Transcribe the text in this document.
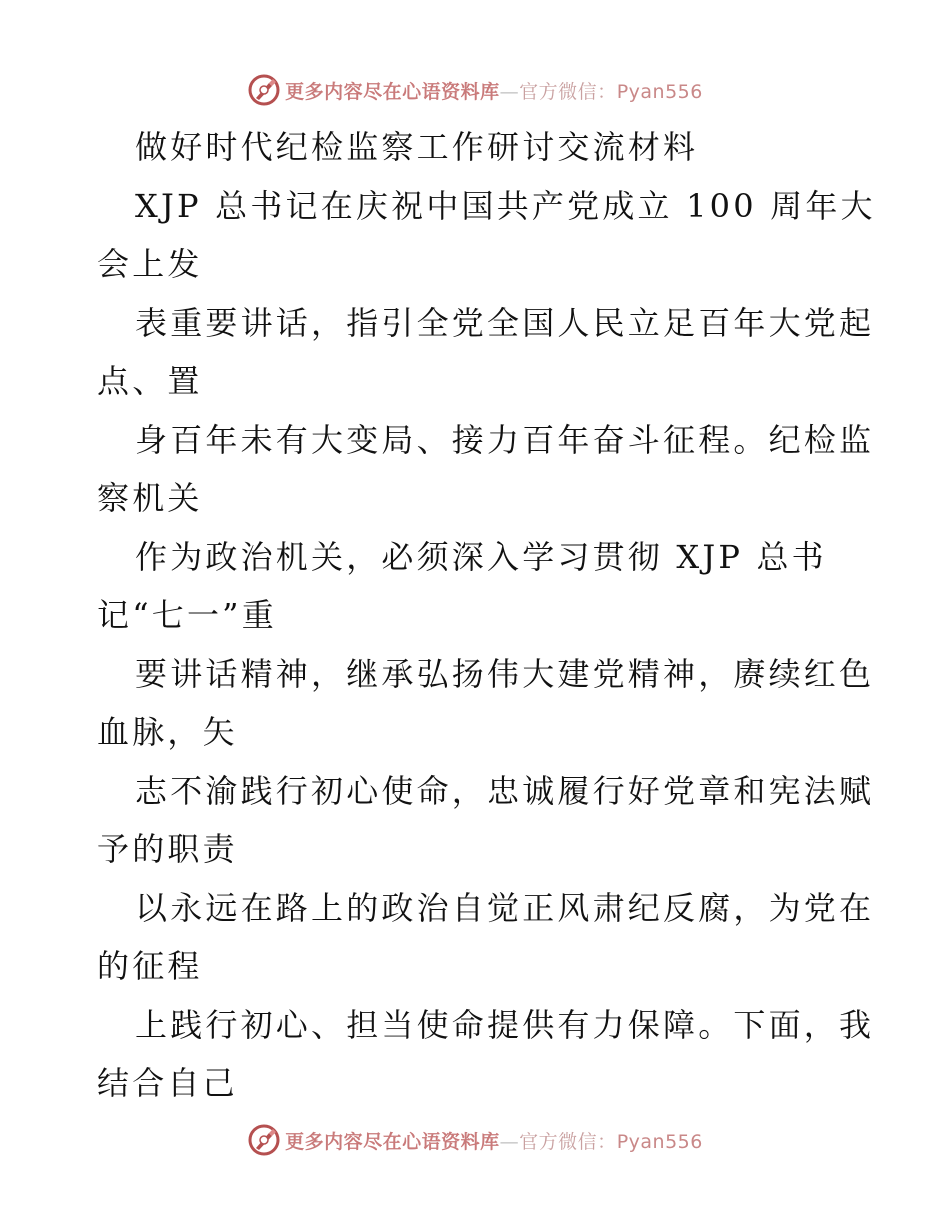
更多内容尽在心语资料库—官方微信：Pyan556
做好时代纪检监察工作研讨交流材料
XJP 总书记在庆祝中国共产党成立 100 周年大
会上发
表重要讲话，指引全党全国人民立足百年大党起
点、置
身百年未有大变局、接力百年奋斗征程。纪检监
察机关
作为政治机关，必须深入学习贯彻 XJP 总书
记“七一”重
要讲话精神，继承弘扬伟大建党精神，赓续红色
血脉，矢
志不渝践行初心使命，忠诚履行好党章和宪法赋
予的职责
以永远在路上的政治自觉正风肃纪反腐，为党在
的征程
上践行初心、担当使命提供有力保障。下面，我
结合自己
更多内容尽在心语资料库—官方微信：Pyan556
